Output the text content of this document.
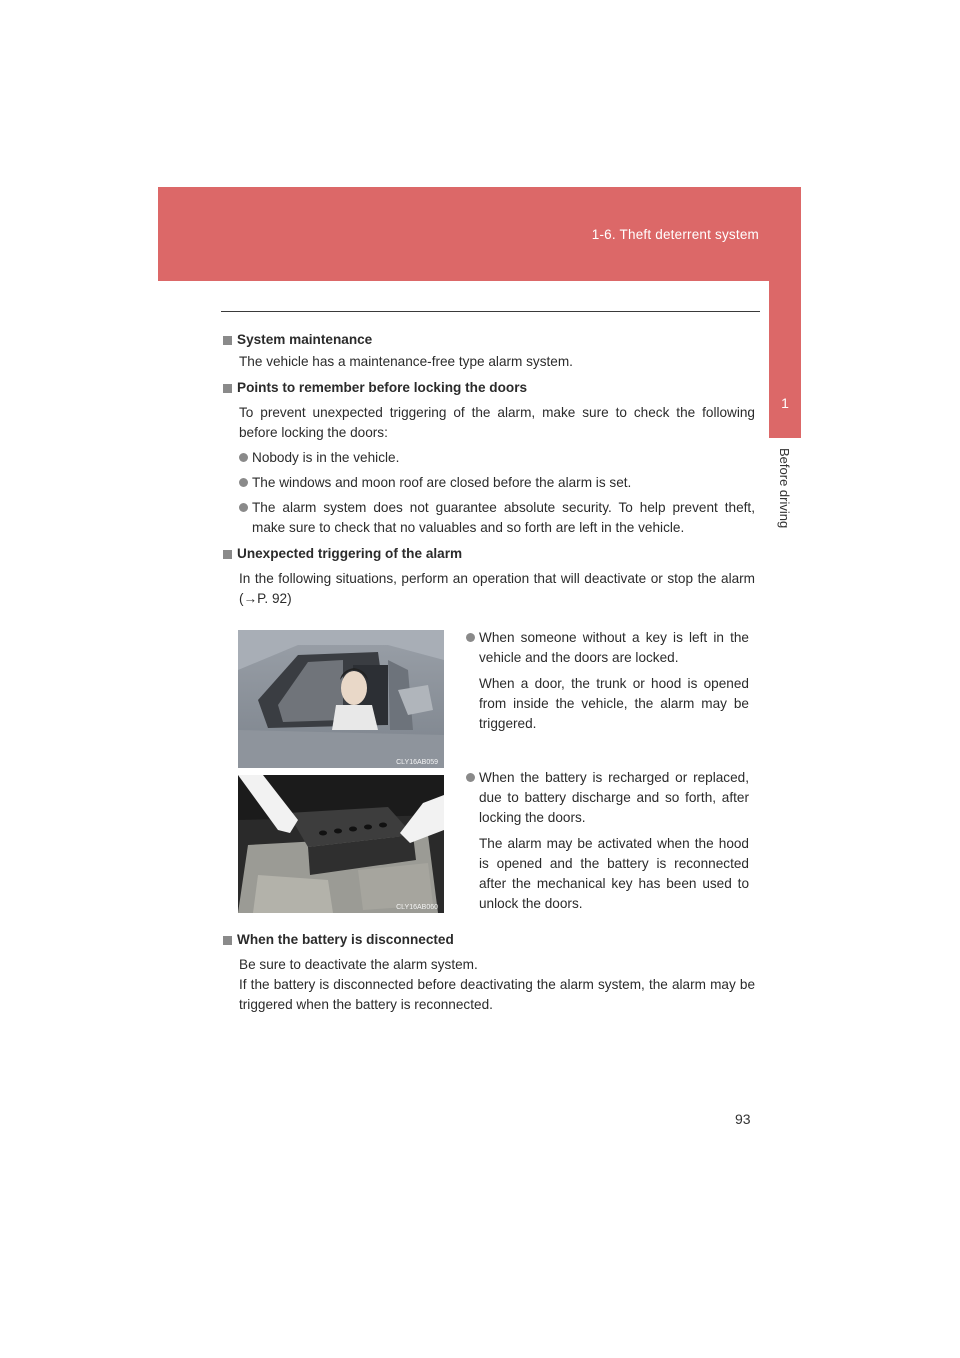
1-6. Theft deterrent system
1
Before driving

System maintenance

The vehicle has a maintenance-free type alarm system.

Points to remember before locking the doors

To prevent unexpected triggering of the alarm, make sure to check the following before locking the doors:

Nobody is in the vehicle.
The windows and moon roof are closed before the alarm is set.
The alarm system does not guarantee absolute security. To help prevent theft, make sure to check that no valuables and so forth are left in the vehicle.

Unexpected triggering of the alarm

In the following situations, perform an operation that will deactivate or stop the alarm (→P. 92)

CLY16AB059
When someone without a key is left in the vehicle and the doors are locked.

When a door, the trunk or hood is opened from inside the vehicle, the alarm may be triggered.

CLY16AB060
When the battery is recharged or replaced, due to battery discharge and so forth, after locking the doors.

The alarm may be activated when the hood is opened and the battery is reconnected after the mechanical key has been used to unlock the doors.

When the battery is disconnected

Be sure to deactivate the alarm system.

If the battery is disconnected before deactivating the alarm system, the alarm may be triggered when the battery is reconnected.

93
